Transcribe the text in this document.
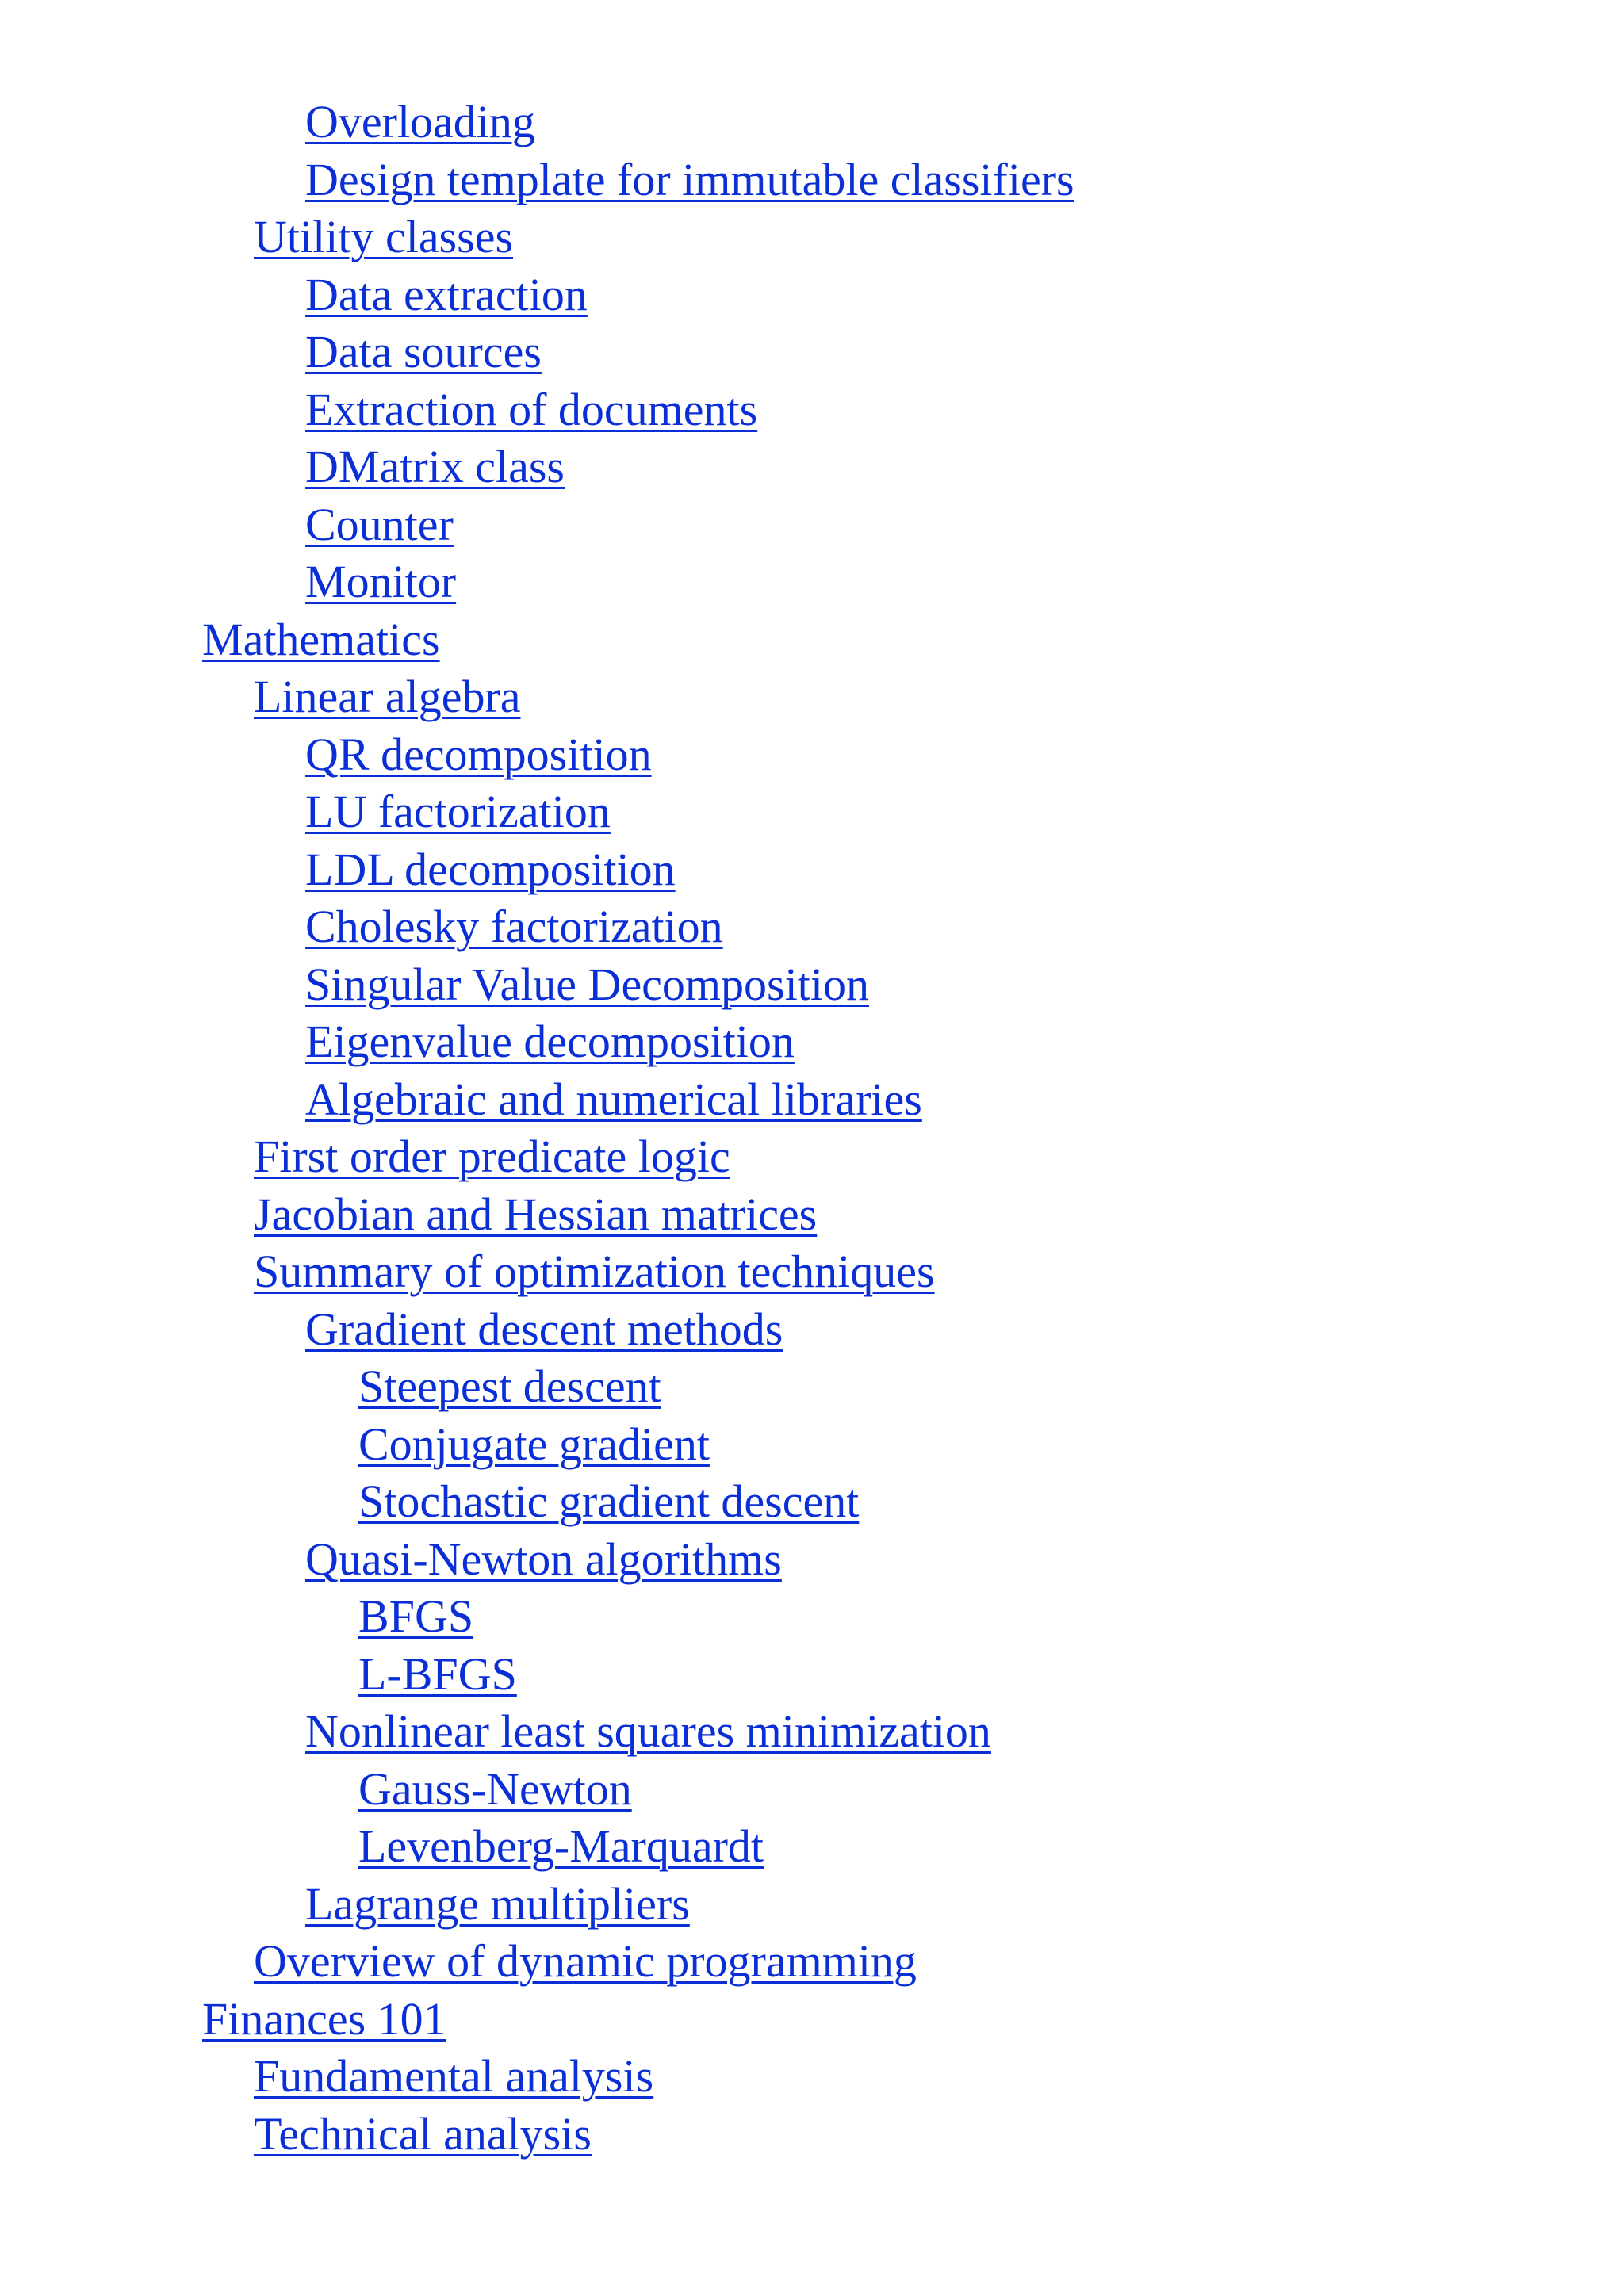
Overloading
Design template for immutable classifiers
Utility classes
Data extraction
Data sources
Extraction of documents
DMatrix class
Counter
Monitor
Mathematics
Linear algebra
QR decomposition
LU factorization
LDL decomposition
Cholesky factorization
Singular Value Decomposition
Eigenvalue decomposition
Algebraic and numerical libraries
First order predicate logic
Jacobian and Hessian matrices
Summary of optimization techniques
Gradient descent methods
Steepest descent
Conjugate gradient
Stochastic gradient descent
Quasi-Newton algorithms
BFGS
L-BFGS
Nonlinear least squares minimization
Gauss-Newton
Levenberg-Marquardt
Lagrange multipliers
Overview of dynamic programming
Finances 101
Fundamental analysis
Technical analysis
